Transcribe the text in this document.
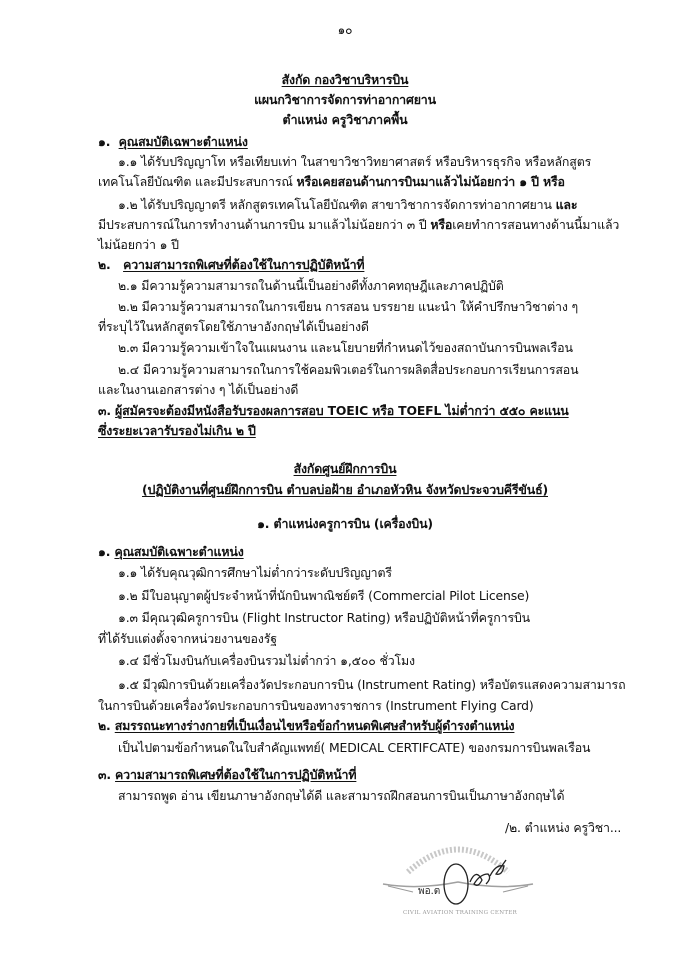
๑๐
สังกัด กองวิชาบริหารบิน
แผนกวิชาการจัดการท่าอากาศยาน
ตำแหน่ง ครูวิชาภาคพื้น
๑.  คุณสมบัติเฉพาะตำแหน่ง
๑.๑ ได้รับปริญญาโท หรือเทียบเท่า ในสาขาวิชาวิทยาศาสตร์ หรือบริหารธุรกิจ หรือหลักสูตร
เทคโนโลยีบัณฑิต และมีประสบการณ์ หรือเคยสอนด้านการบินมาแล้วไม่น้อยกว่า ๑ ปี หรือ
๑.๒ ได้รับปริญญาตรี หลักสูตรเทคโนโลยีบัณฑิต สาขาวิชาการจัดการท่าอากาศยาน และ
มีประสบการณ์ในการทำงานด้านการบิน มาแล้วไม่น้อยกว่า ๓ ปี หรือเคยทำการสอนทางด้านนี้มาแล้ว
ไม่น้อยกว่า ๑ ปี
๒. ความสามารถพิเศษที่ต้องใช้ในการปฏิบัติหน้าที่
๒.๑ มีความรู้ความสามารถในด้านนี้เป็นอย่างดีทั้งภาคทฤษฎีและภาคปฏิบัติ
๒.๒ มีความรู้ความสามารถในการเขียน การสอน บรรยาย แนะนำ ให้คำปรึกษาวิชาต่าง ๆ
ที่ระบุไว้ในหลักสูตรโดยใช้ภาษาอังกฤษได้เป็นอย่างดี
๒.๓ มีความรู้ความเข้าใจในแผนงาน และนโยบายที่กำหนดไว้ของสถาบันการบินพลเรือน
๒.๔ มีความรู้ความสามารถในการใช้คอมพิวเตอร์ในการผลิตสื่อประกอบการเรียนการสอน
และในงานเอกสารต่าง ๆ ได้เป็นอย่างดี
๓. ผู้สมัครจะต้องมีหนังสือรับรองผลการสอบ TOEIC หรือ TOEFL ไม่ต่ำกว่า ๕๕๐ คะแนน
ซึ่งระยะเวลารับรองไม่เกิน ๒ ปี
สังกัดศูนย์ฝึกการบิน
(ปฏิบัติงานที่ศูนย์ฝึกการบิน ตำบลบ่อฝ้าย อำเภอหัวหิน จังหวัดประจวบคีรีขันธ์)
๑. ตำแหน่งครูการบิน (เครื่องบิน)
๑. คุณสมบัติเฉพาะตำแหน่ง
๑.๑ ได้รับคุณวุฒิการศึกษาไม่ต่ำกว่าระดับปริญญาตรี
๑.๒ มีใบอนุญาตผู้ประจำหน้าที่นักบินพาณิชย์ตรี (Commercial Pilot License)
๑.๓ มีคุณวุฒิครูการบิน (Flight Instructor Rating) หรือปฏิบัติหน้าที่ครูการบิน
ที่ได้รับแต่งตั้งจากหน่วยงานของรัฐ
๑.๔ มีชั่วโมงบินกับเครื่องบินรวมไม่ต่ำกว่า ๑,๕๐๐ ชั่วโมง
๑.๕ มีวุฒิการบินด้วยเครื่องวัดประกอบการบิน (Instrument Rating) หรือบัตรแสดงความสามารถ
ในการบินด้วยเครื่องวัดประกอบการบินของทางราชการ (Instrument Flying Card)
๒. สมรรถนะทางร่างกายที่เป็นเงื่อนไขหรือข้อกำหนดพิเศษสำหรับผู้ดำรงตำแหน่ง
เป็นไปตามข้อกำหนดในใบสำคัญแพทย์( MEDICAL CERTIFCATE) ของกรมการบินพลเรือน
๓. ความสามารถพิเศษที่ต้องใช้ในการปฏิบัติหน้าที่
สามารถพูด อ่าน เขียนภาษาอังกฤษได้ดี และสามารถฝึกสอนการบินเป็นภาษาอังกฤษได้
/๒. ตำแหน่ง ครูวิชา...
พอ.ต
CIVIL AVIATION TRAINING CENTER
